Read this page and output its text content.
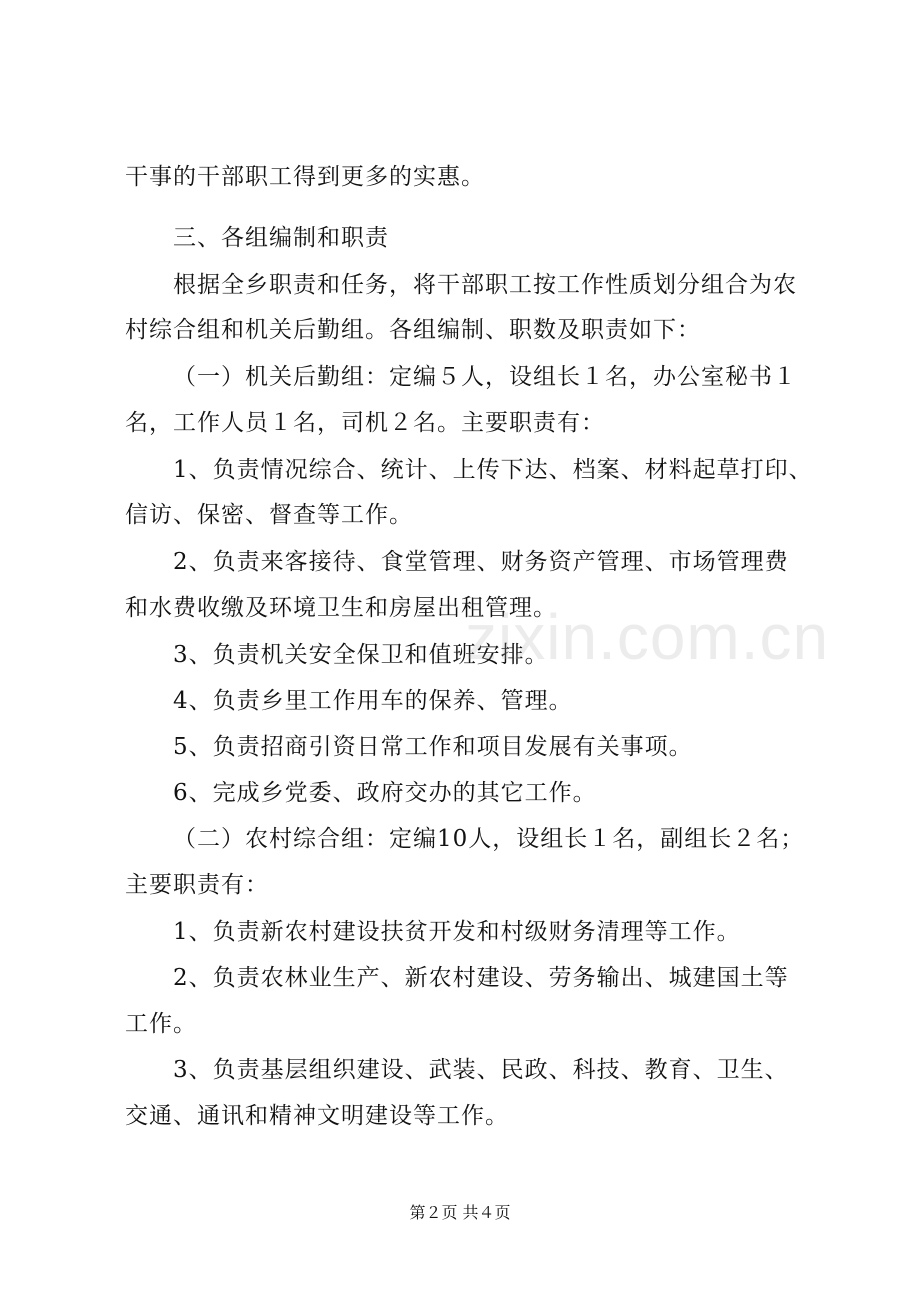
干事的干部职工得到更多的实惠。
三、各组编制和职责
根据全乡职责和任务，将干部职工按工作性质划分组合为农
村综合组和机关后勤组。各组编制、职数及职责如下：
（一）机关后勤组：定编５人，设组长１名，办公室秘书１
名，工作人员１名，司机２名。主要职责有：
1、负责情况综合、统计、上传下达、档案、材料起草打印、
信访、保密、督查等工作。
2、负责来客接待、食堂管理、财务资产管理、市场管理费
和水费收缴及环境卫生和房屋出租管理。
3、负责机关安全保卫和值班安排。
4、负责乡里工作用车的保养、管理。
5、负责招商引资日常工作和项目发展有关事项。
6、完成乡党委、政府交办的其它工作。
（二）农村综合组：定编10人，设组长１名，副组长２名；
主要职责有：
1、负责新农村建设扶贫开发和村级财务清理等工作。
2、负责农林业生产、新农村建设、劳务输出、城建国土等
工作。
3、负责基层组织建设、武装、民政、科技、教育、卫生、
交通、通讯和精神文明建设等工作。
zixin.com.cn
第２页 共４页
